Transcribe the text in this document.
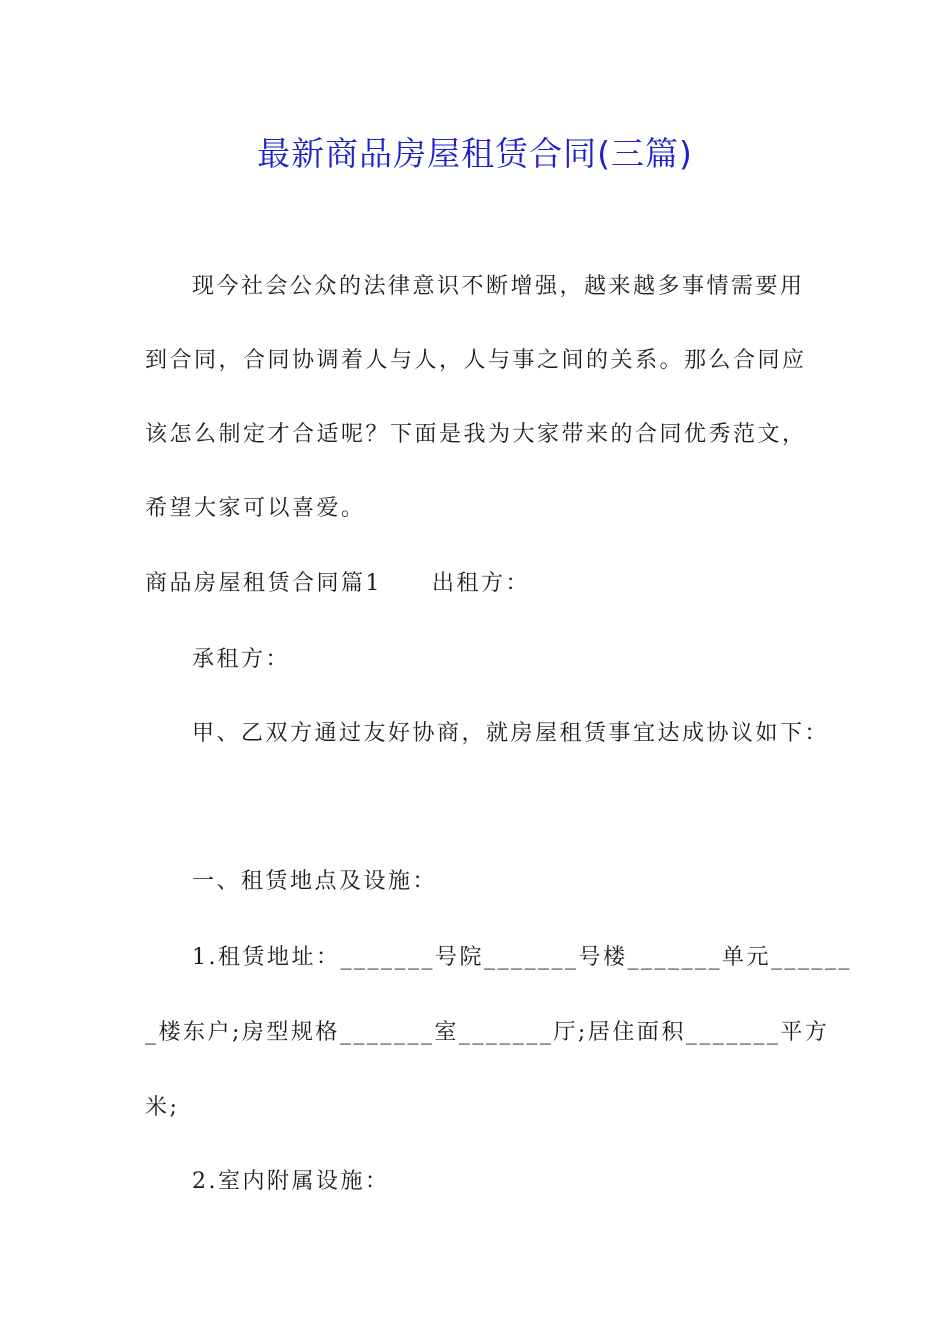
最新商品房屋租赁合同(三篇)
现今社会公众的法律意识不断增强，越来越多事情需要用
到合同，合同协调着人与人，人与事之间的关系。那么合同应
该怎么制定才合适呢？下面是我为大家带来的合同优秀范文，
希望大家可以喜爱。
商品房屋租赁合同篇1 出租方：
承租方：
甲、乙双方通过友好协商，就房屋租赁事宜达成协议如下：
一、租赁地点及设施：
1.租赁地址：_______号院_______号楼_______单元______
_楼东户;房型规格_______室_______厅;居住面积_______平方
米;
2.室内附属设施：
